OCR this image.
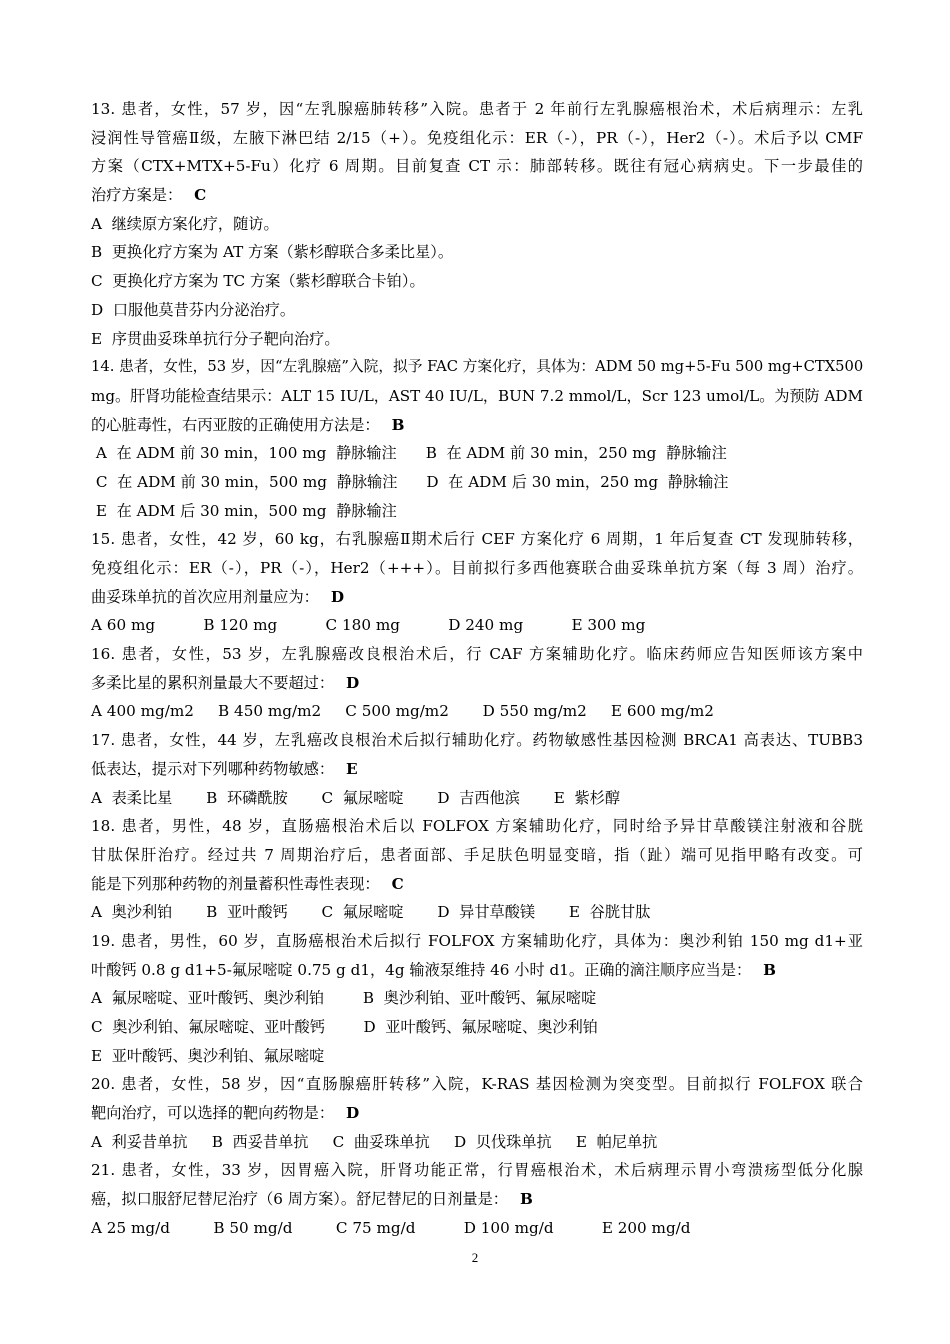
13. 患者，女性，57 岁，因“左乳腺癌肺转移”入院。患者于 2 年前行左乳腺癌根治术，术后病理示：左乳
浸润性导管癌Ⅱ级，左腋下淋巴结 2/15（+）。免疫组化示：ER（-），PR（-），Her2（-）。术后予以 CMF
方案（CTX+MTX+5-Fu）化疗 6 周期。目前复查 CT 示：肺部转移。既往有冠心病病史。下一步最佳的
治疗方案是： C
A  继续原方案化疗，随访。
B  更换化疗方案为 AT 方案（紫杉醇联合多柔比星）。
C  更换化疗方案为 TC 方案（紫杉醇联合卡铂）。
D  口服他莫昔芬内分泌治疗。
E  序贯曲妥珠单抗行分子靶向治疗。
14. 患者，女性，53 岁，因“左乳腺癌”入院，拟予 FAC 方案化疗，具体为：ADM 50 mg+5-Fu 500 mg+CTX500
mg。肝肾功能检查结果示：ALT 15 IU/L，AST 40 IU/L，BUN 7.2 mmol/L，Scr 123 umol/L。为预防 ADM
的心脏毒性，右丙亚胺的正确使用方法是： B
A  在 ADM 前 30 min，100 mg  静脉输注      B  在 ADM 前 30 min，250 mg  静脉输注
C  在 ADM 前 30 min，500 mg  静脉输注      D  在 ADM 后 30 min，250 mg  静脉输注
E  在 ADM 后 30 min，500 mg  静脉输注
15. 患者，女性，42 岁，60 kg，右乳腺癌Ⅱ期术后行 CEF 方案化疗 6 周期，1 年后复查 CT 发现肺转移，
免疫组化示：ER（-），PR（-），Her2（+++）。目前拟行多西他赛联合曲妥珠单抗方案（每 3 周）治疗。
曲妥珠单抗的首次应用剂量应为： D
A 60 mg          B 120 mg          C 180 mg          D 240 mg          E 300 mg
16. 患者，女性，53 岁，左乳腺癌改良根治术后，行 CAF 方案辅助化疗。临床药师应告知医师该方案中
多柔比星的累积剂量最大不要超过： D
A 400 mg/m2     B 450 mg/m2     C 500 mg/m2       D 550 mg/m2     E 600 mg/m2
17. 患者，女性，44 岁，左乳癌改良根治术后拟行辅助化疗。药物敏感性基因检测 BRCA1 高表达、TUBB3
低表达，提示对下列哪种药物敏感： E
A  表柔比星       B  环磷酰胺       C  氟尿嘧啶       D  吉西他滨       E  紫杉醇
18. 患者，男性，48 岁，直肠癌根治术后以 FOLFOX 方案辅助化疗，同时给予异甘草酸镁注射液和谷胱
甘肽保肝治疗。经过共 7 周期治疗后，患者面部、手足肤色明显变暗，指（趾）端可见指甲略有改变。可
能是下列那种药物的剂量蓄积性毒性表现： C
A  奥沙利铂       B  亚叶酸钙       C  氟尿嘧啶       D  异甘草酸镁       E  谷胱甘肽
19. 患者，男性，60 岁，直肠癌根治术后拟行 FOLFOX 方案辅助化疗，具体为：奥沙利铂 150 mg d1+亚
叶酸钙 0.8 g d1+5-氟尿嘧啶 0.75 g d1，4g 输液泵维持 46 小时 d1。正确的滴注顺序应当是： B
A  氟尿嘧啶、亚叶酸钙、奥沙利铂        B  奥沙利铂、亚叶酸钙、氟尿嘧啶
C  奥沙利铂、氟尿嘧啶、亚叶酸钙        D  亚叶酸钙、氟尿嘧啶、奥沙利铂
E  亚叶酸钙、奥沙利铂、氟尿嘧啶
20. 患者，女性，58 岁，因“直肠腺癌肝转移”入院，K-RAS 基因检测为突变型。目前拟行 FOLFOX 联合
靶向治疗，可以选择的靶向药物是： D
A  利妥昔单抗     B  西妥昔单抗     C  曲妥珠单抗     D  贝伐珠单抗     E  帕尼单抗
21. 患者，女性，33 岁，因胃癌入院，肝肾功能正常，行胃癌根治术，术后病理示胃小弯溃疡型低分化腺
癌，拟口服舒尼替尼治疗（6 周方案）。舒尼替尼的日剂量是： B
A 25 mg/d         B 50 mg/d         C 75 mg/d          D 100 mg/d          E 200 mg/d
2
